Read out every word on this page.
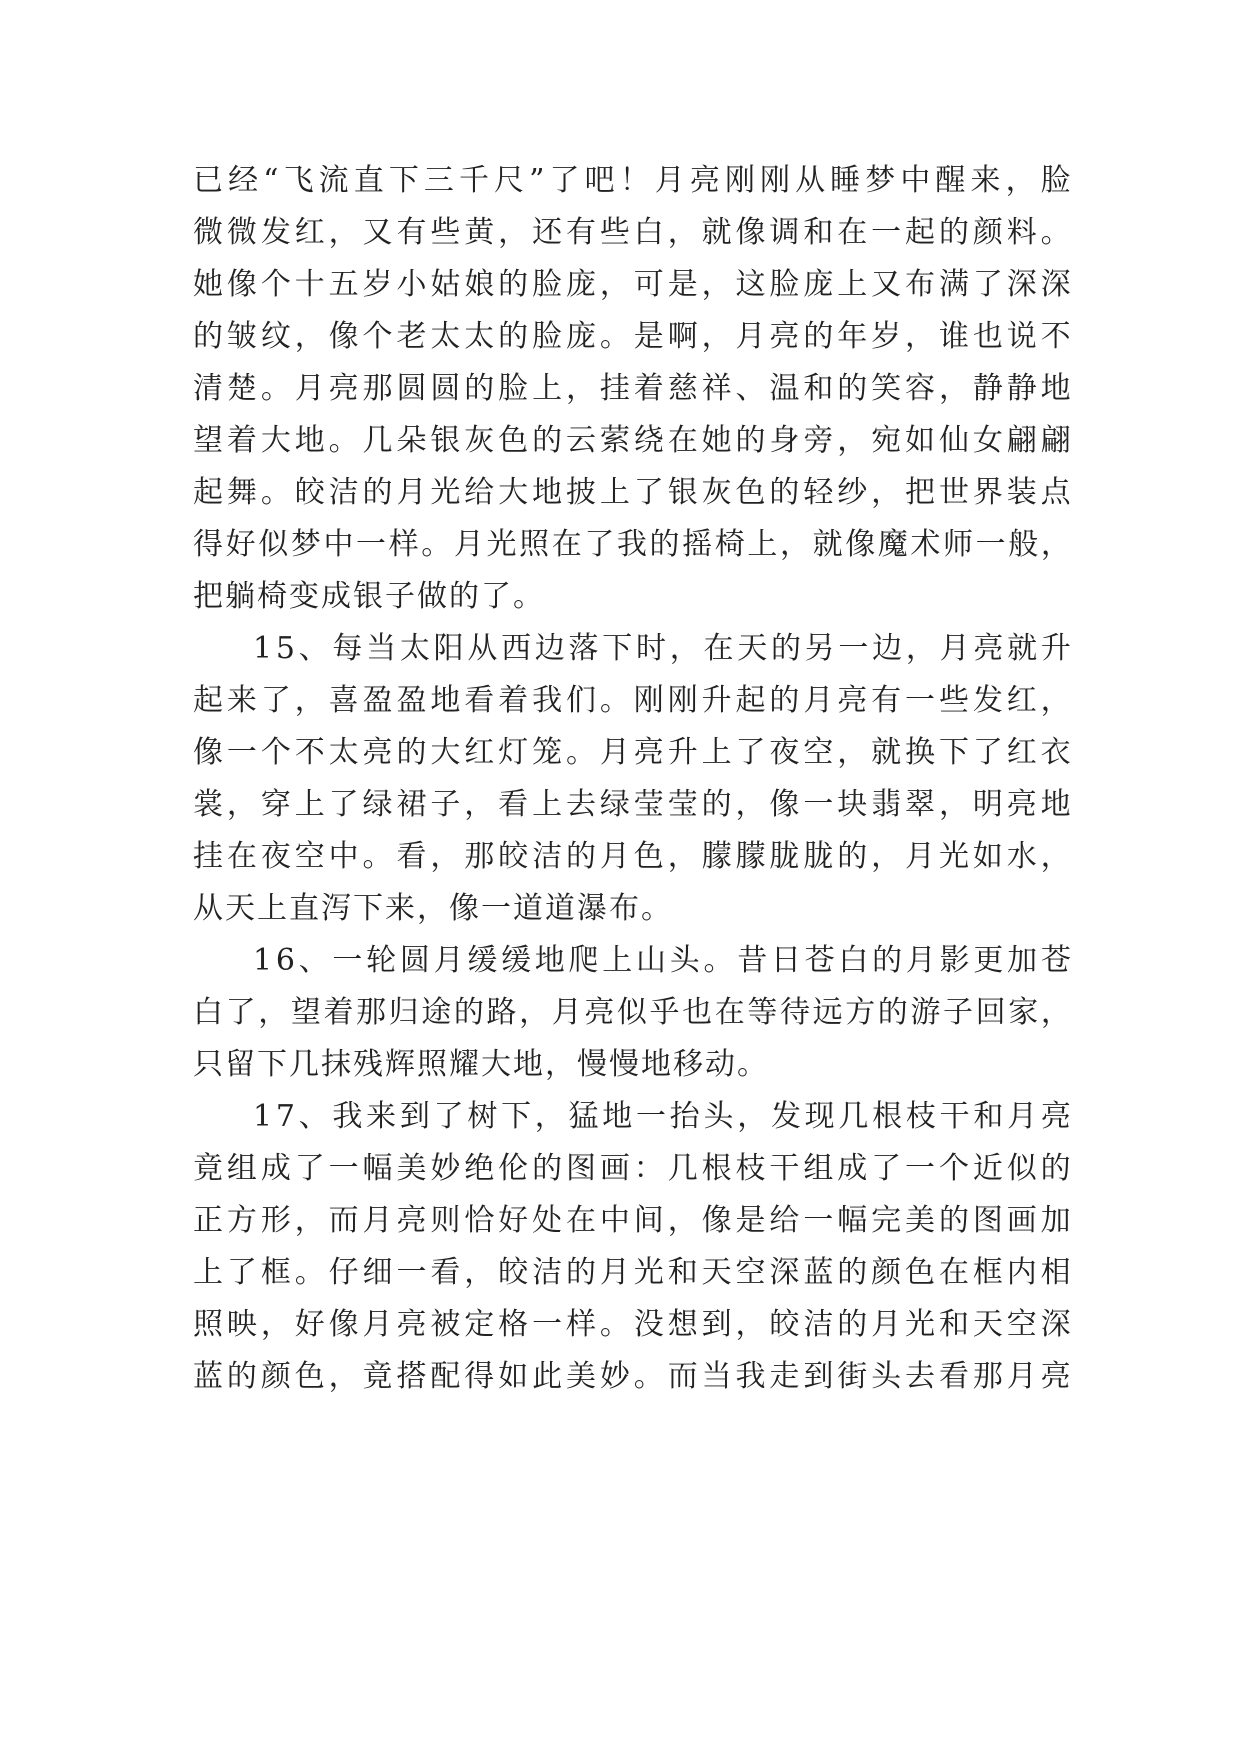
已 经 “ 飞 流 直 下 三 千 尺 ” 了 吧 ！ 月 亮 刚 刚 从 睡 梦 中 醒 来 ， 脸
微 微 发 红 ， 又 有 些 黄 ， 还 有 些 白 ， 就 像 调 和 在 一 起 的 颜 料 。
她 像 个 十 五 岁 小 姑 娘 的 脸 庞 ， 可 是 ， 这 脸 庞 上 又 布 满 了 深 深
的 皱 纹 ， 像 个 老 太 太 的 脸 庞 。 是 啊 ， 月 亮 的 年 岁 ， 谁 也 说 不
清 楚 。 月 亮 那 圆 圆 的 脸 上 ， 挂 着 慈 祥 、 温 和 的 笑 容 ， 静 静 地
望 着 大 地 。 几 朵 银 灰 色 的 云 萦 绕 在 她 的 身 旁 ， 宛 如 仙 女 翩 翩
起 舞 。 皎 洁 的 月 光 给 大 地 披 上 了 银 灰 色 的 轻 纱 ， 把 世 界 装 点
得 好 似 梦 中 一 样 。 月 光 照 在 了 我 的 摇 椅 上 ， 就 像 魔 术 师 一 般 ，
把躺椅变成银子做的了。
1 5 、 每 当 太 阳 从 西 边 落 下 时 ， 在 天 的 另 一 边 ， 月 亮 就 升
起 来 了 ， 喜 盈 盈 地 看 着 我 们 。 刚 刚 升 起 的 月 亮 有 一 些 发 红 ，
像 一 个 不 太 亮 的 大 红 灯 笼 。 月 亮 升 上 了 夜 空 ， 就 换 下 了 红 衣
裳 ， 穿 上 了 绿 裙 子 ， 看 上 去 绿 莹 莹 的 ， 像 一 块 翡 翠 ， 明 亮 地
挂 在 夜 空 中 。 看 ， 那 皎 洁 的 月 色 ， 朦 朦 胧 胧 的 ， 月 光 如 水 ，
从天上直泻下来，像一道道瀑布。
1 6 、 一 轮 圆 月 缓 缓 地 爬 上 山 头 。 昔 日 苍 白 的 月 影 更 加 苍
白 了 ， 望 着 那 归 途 的 路 ， 月 亮 似 乎 也 在 等 待 远 方 的 游 子 回 家 ，
只留下几抹残辉照耀大地，慢慢地移动。
1 7 、 我 来 到 了 树 下 ， 猛 地 一 抬 头 ， 发 现 几 根 枝 干 和 月 亮
竟 组 成 了 一 幅 美 妙 绝 伦 的 图 画 ： 几 根 枝 干 组 成 了 一 个 近 似 的
正 方 形 ， 而 月 亮 则 恰 好 处 在 中 间 ， 像 是 给 一 幅 完 美 的 图 画 加
上 了 框 。 仔 细 一 看 ， 皎 洁 的 月 光 和 天 空 深 蓝 的 颜 色 在 框 内 相
照 映 ， 好 像 月 亮 被 定 格 一 样 。 没 想 到 ， 皎 洁 的 月 光 和 天 空 深
蓝 的 颜 色 ， 竟 搭 配 得 如 此 美 妙 。 而 当 我 走 到 街 头 去 看 那 月 亮
